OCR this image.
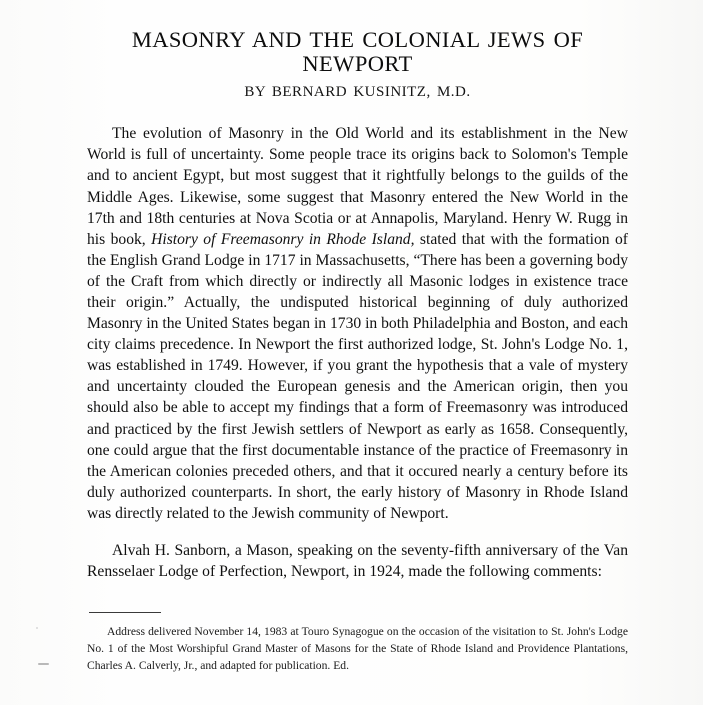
MASONRY AND THE COLONIAL JEWS OF NEWPORT
BY BERNARD KUSINITZ, M.D.

The evolution of Masonry in the Old World and its establishment in the New World is full of uncertainty. Some people trace its origins back to Solomon's Temple and to ancient Egypt, but most suggest that it rightfully belongs to the guilds of the Middle Ages. Likewise, some suggest that Masonry entered the New World in the 17th and 18th centuries at Nova Scotia or at Annapolis, Maryland. Henry W. Rugg in his book, History of Freemasonry in Rhode Island, stated that with the formation of the English Grand Lodge in 1717 in Massachusetts, “There has been a governing body of the Craft from which directly or indirectly all Masonic lodges in existence trace their origin.” Actually, the undisputed historical beginning of duly authorized Masonry in the United States began in 1730 in both Philadelphia and Boston, and each city claims precedence. In Newport the first authorized lodge, St. John's Lodge No. 1, was established in 1749. However, if you grant the hypothesis that a vale of mystery and uncertainty clouded the European genesis and the American origin, then you should also be able to accept my findings that a form of Freemasonry was introduced and practiced by the first Jewish settlers of Newport as early as 1658. Consequently, one could argue that the first documentable instance of the practice of Freemasonry in the American colonies preceded others, and that it occured nearly a century before its duly authorized counterparts. In short, the early history of Masonry in Rhode Island was directly related to the Jewish community of Newport.

Alvah H. Sanborn, a Mason, speaking on the seventy-fifth anniversary of the Van Rensselaer Lodge of Perfection, Newport, in 1924, made the following comments:

Address delivered November 14, 1983 at Touro Synagogue on the occasion of the visitation to St. John's Lodge No. 1 of the Most Worshipful Grand Master of Masons for the State of Rhode Island and Providence Plantations, Charles A. Calverly, Jr., and adapted for publication. Ed.
